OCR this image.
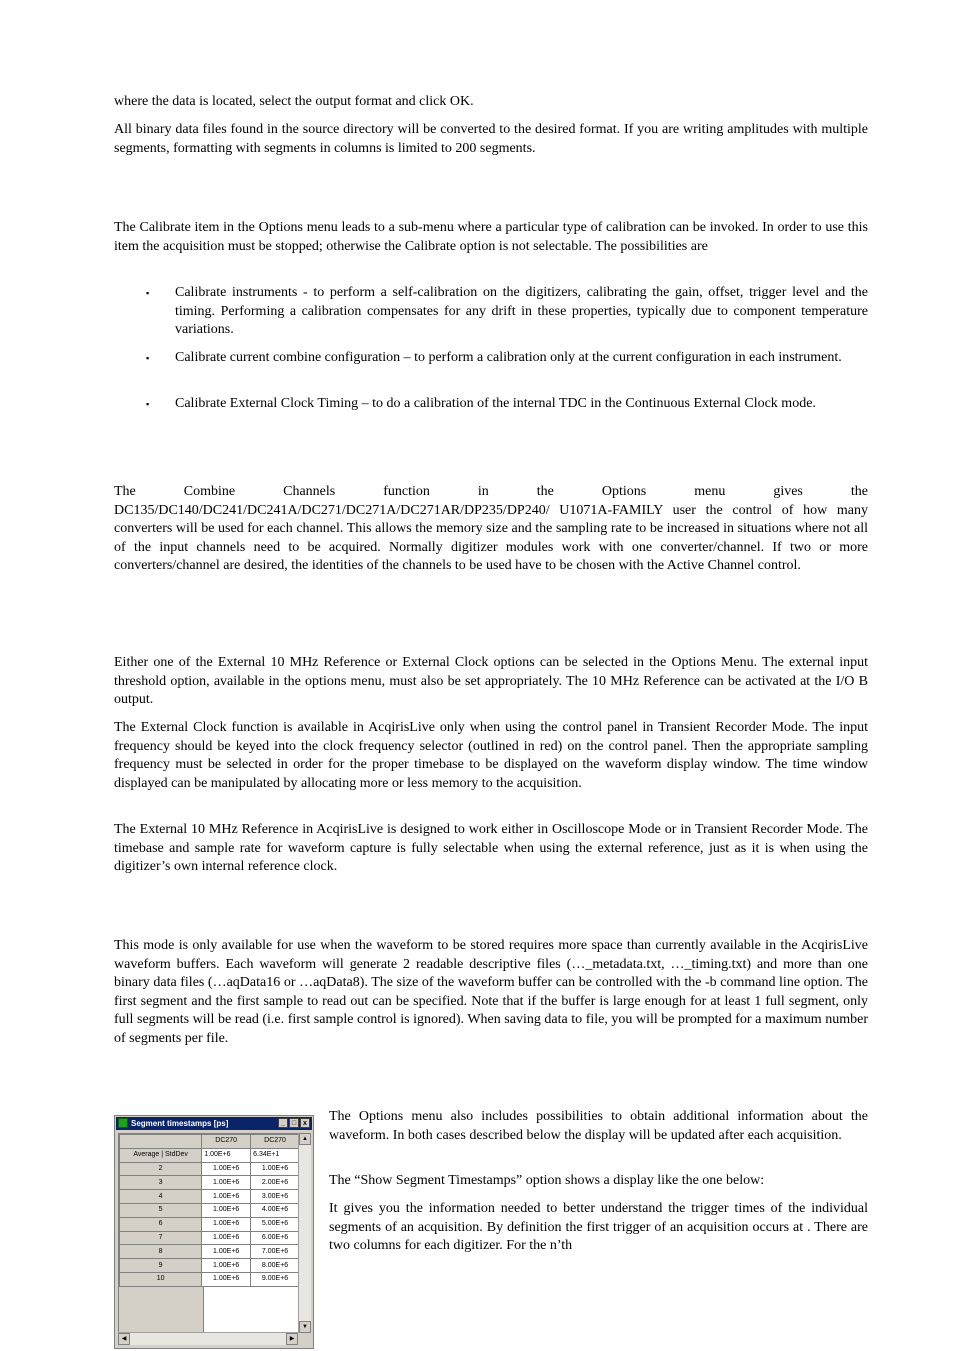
where the data is located, select the output format and click OK.

All binary data files found in the source directory will be converted to the desired format. If you are writing amplitudes with multiple segments, formatting with segments in columns is limited to 200 segments.

The Calibrate item in the Options menu leads to a sub-menu where a particular type of calibration can be invoked. In order to use this item the acquisition must be stopped; otherwise the Calibrate option is not selectable. The possibilities are

▪ Calibrate instruments - to perform a self-calibration on the digitizers, calibrating the gain, offset, trigger level and the timing. Performing a calibration compensates for any drift in these properties, typically due to component temperature variations.

▪ Calibrate current combine configuration – to perform a calibration only at the current configuration in each instrument.

▪ Calibrate External Clock Timing – to do a calibration of the internal TDC in the Continuous External Clock mode.

The Combine Channels function in the Options menu gives the DC135/DC140/DC241/DC241A/DC271/DC271A/DC271AR/DP235/DP240/ U1071A-FAMILY user the control of how many converters will be used for each channel. This allows the memory size and the sampling rate to be increased in situations where not all of the input channels need to be acquired. Normally digitizer modules work with one converter/channel. If two or more converters/channel are desired, the identities of the channels to be used have to be chosen with the Active Channel control.

Either one of the External 10 MHz Reference or External Clock options can be selected in the Options Menu. The external input threshold option, available in the options menu, must also be set appropriately. The 10 MHz Reference can be activated at the I/O B output.

The External Clock function is available in AcqirisLive only when using the control panel in Transient Recorder Mode. The input frequency should be keyed into the clock frequency selector (outlined in red) on the control panel. Then the appropriate sampling frequency must be selected in order for the proper timebase to be displayed on the waveform display window. The time window displayed can be manipulated by allocating more or less memory to the acquisition.

The External 10 MHz Reference in AcqirisLive is designed to work either in Oscilloscope Mode or in Transient Recorder Mode. The timebase and sample rate for waveform capture is fully selectable when using the external reference, just as it is when using the digitizer’s own internal reference clock.

This mode is only available for use when the waveform to be stored requires more space than currently available in the AcqirisLive waveform buffers. Each waveform will generate 2 readable descriptive files (…_metadata.txt, …_timing.txt) and more than one binary data files (…aqData16 or …aqData8). The size of the waveform buffer can be controlled with the -b command line option. The first segment and the first sample to read out can be specified. Note that if the buffer is large enough for at least 1 full segment, only full segments will be read (i.e. first sample control is ignored). When saving data to file, you will be prompted for a maximum number of segments per file.

The Options menu also includes possibilities to obtain additional information about the waveform. In both cases described below the display will be updated after each acquisition.

The “Show Segment Timestamps” option shows a display like the one below:

It gives you the information needed to better understand the trigger times of the individual segments of an acquisition. By definition the first trigger of an acquisition occurs at . There are two columns for each digitizer. For the n’th

Segment timestamps [ps]	_ □ x
	DC270	DC270
Average | StdDev	1.00E+6	6.34E+1
2	1.00E+6	1.00E+6
3	1.00E+6	2.00E+6
4	1.00E+6	3.00E+6
5	1.00E+6	4.00E+6
6	1.00E+6	5.00E+6
7	1.00E+6	6.00E+6
8	1.00E+6	7.00E+6
9	1.00E+6	8.00E+6
10	1.00E+6	9.00E+6
▲
▼
◀	▶
